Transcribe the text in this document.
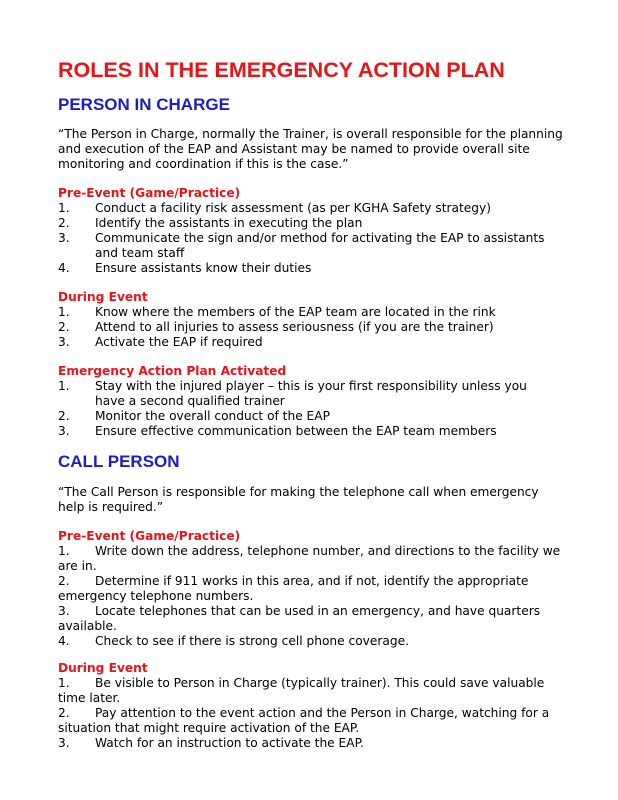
ROLES IN THE EMERGENCY ACTION PLAN
PERSON IN CHARGE
“The Person in Charge, normally the Trainer, is overall responsible for the planning and execution of the EAP and Assistant may be named to provide overall site monitoring and coordination if this is the case.”
Pre-Event (Game/Practice)
1.	Conduct a facility risk assessment (as per KGHA Safety strategy)
2.	Identify the assistants in executing the plan
3.	Communicate the sign and/or method for activating the EAP to assistants and team staff
4.	Ensure assistants know their duties
During Event
1.	Know where the members of the EAP team are located in the rink
2.	Attend to all injuries to assess seriousness (if you are the trainer)
3.	Activate the EAP if required
Emergency Action Plan Activated
1.	Stay with the injured player – this is your first responsibility unless you have a second qualified trainer
2.	Monitor the overall conduct of the EAP
3.	Ensure effective communication between the EAP team members
CALL PERSON
“The Call Person is responsible for making the telephone call when emergency help is required.”
Pre-Event (Game/Practice)
1. Write down the address, telephone number, and directions to the facility we are in.
2. Determine if 911 works in this area, and if not, identify the appropriate emergency telephone numbers.
3. Locate telephones that can be used in an emergency, and have quarters available.
4. Check to see if there is strong cell phone coverage.
During Event
1. Be visible to Person in Charge (typically trainer). This could save valuable time later.
2. Pay attention to the event action and the Person in Charge, watching for a situation that might require activation of the EAP.
3. Watch for an instruction to activate the EAP.
